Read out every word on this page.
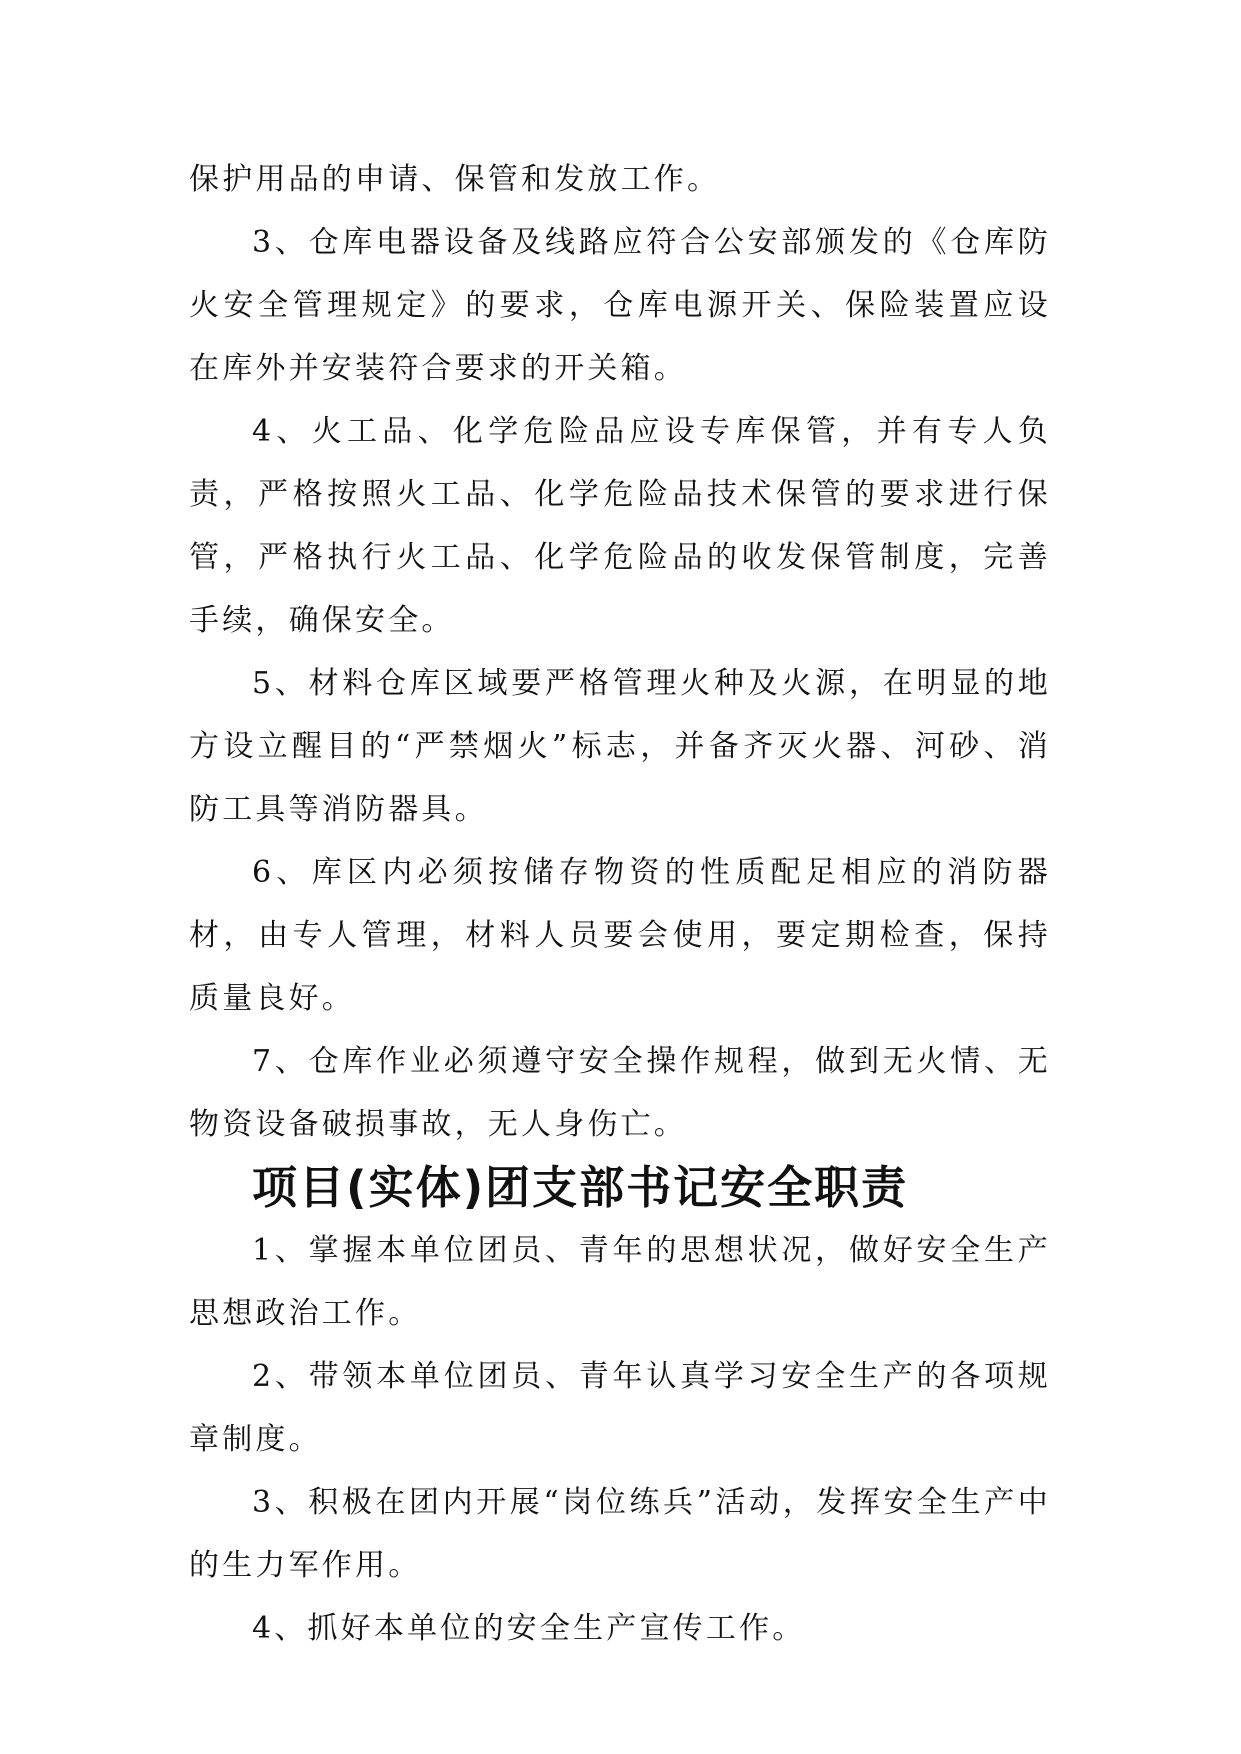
保护用品的申请、保管和发放工作。

3、仓库电器设备及线路应符合公安部颁发的《仓库防火安全管理规定》的要求，仓库电源开关、保险装置应设在库外并安装符合要求的开关箱。

4、火工品、化学危险品应设专库保管，并有专人负责，严格按照火工品、化学危险品技术保管的要求进行保管，严格执行火工品、化学危险品的收发保管制度，完善手续，确保安全。

5、材料仓库区域要严格管理火种及火源，在明显的地方设立醒目的“严禁烟火”标志，并备齐灭火器、河砂、消防工具等消防器具。

6、库区内必须按储存物资的性质配足相应的消防器材，由专人管理，材料人员要会使用，要定期检查，保持质量良好。

7、仓库作业必须遵守安全操作规程，做到无火情、无物资设备破损事故，无人身伤亡。

项目(实体)团支部书记安全职责

1、掌握本单位团员、青年的思想状况，做好安全生产思想政治工作。

2、带领本单位团员、青年认真学习安全生产的各项规章制度。

3、积极在团内开展“岗位练兵”活动，发挥安全生产中的生力军作用。

4、抓好本单位的安全生产宣传工作。
